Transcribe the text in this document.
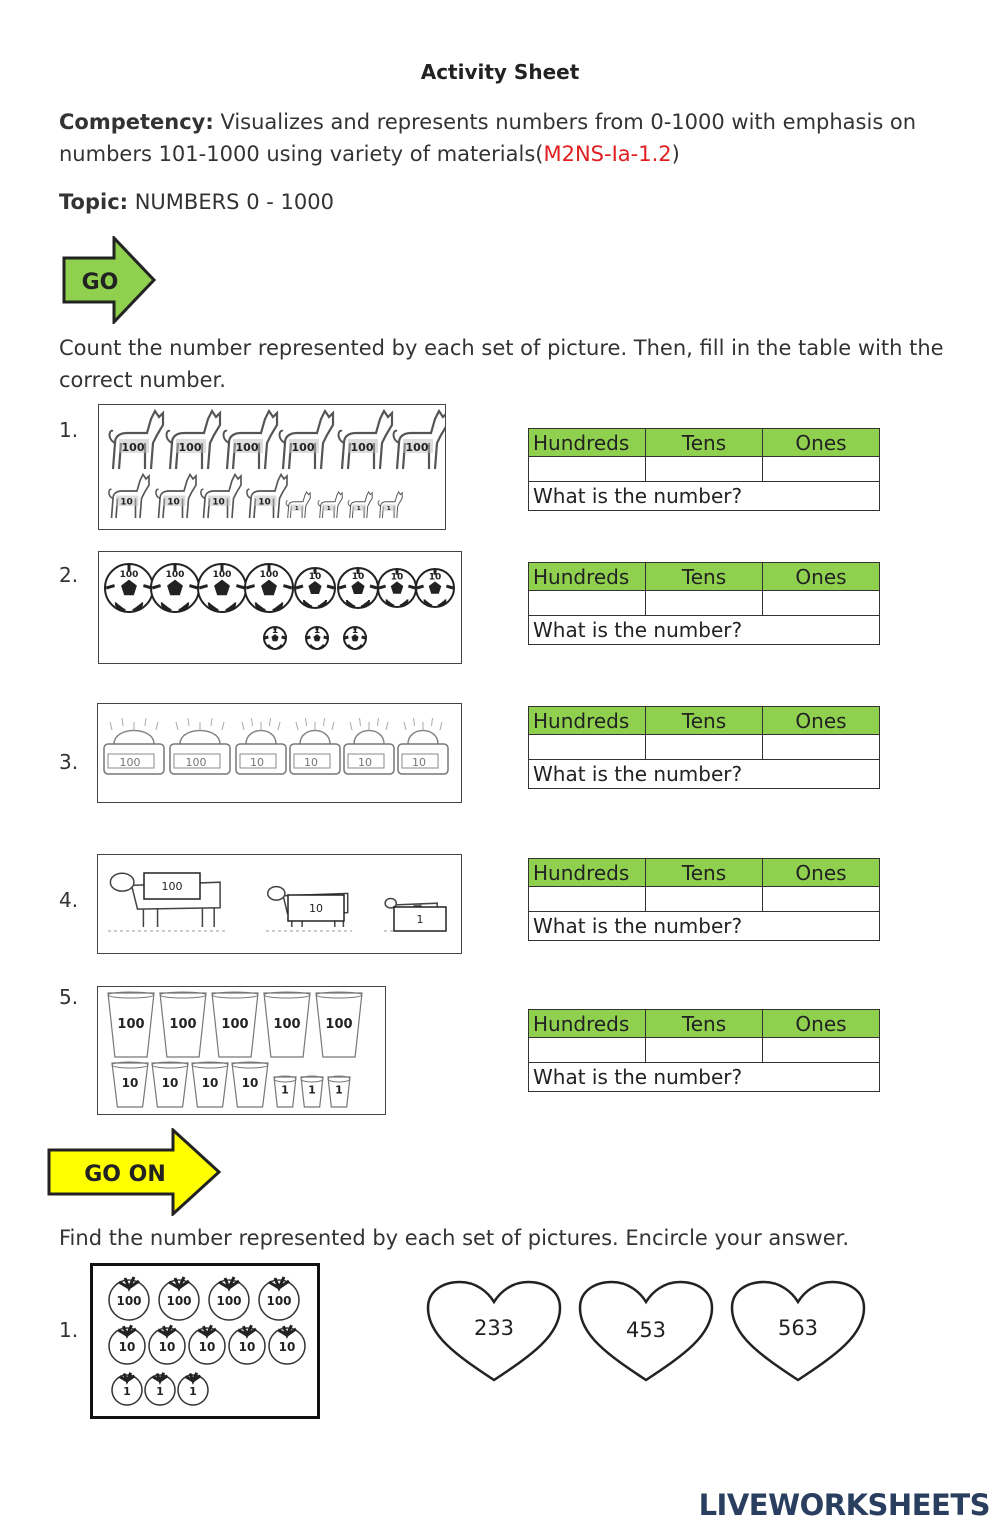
Activity Sheet
Competency: Visualizes and represents numbers from 0-1000 with emphasis on numbers 101-1000 using variety of materials(M2NS-Ia-1.2)
Topic: NUMBERS 0 - 1000
GO
Count the number represented by each set of picture. Then, fill in the table with the correct number.
1.
100	100	100	100	100	100
10	10	10	10
1 1 1 1
Hundreds	Tens	Ones

What is the number?		
2.	100	100	100	100	10	10	10	10
1	1	1
Hundreds	Tens	Ones

What is the number?		
3.	100	100	10	10	10	10
Hundreds	Tens	Ones

What is the number?		
4.
100
10
1
Hundreds	Tens	Ones

What is the number?		
5.
100 100 100 100 100
10 10 10 10 1 1 1
Hundreds	Tens	Ones

What is the number?		
GO ON
Find the number represented by each set of pictures. Encircle your answer.
1.
100 100 100 100
10 10 10 10 10
1 1 1
233	453	563
LIVEWORKSHEETS
